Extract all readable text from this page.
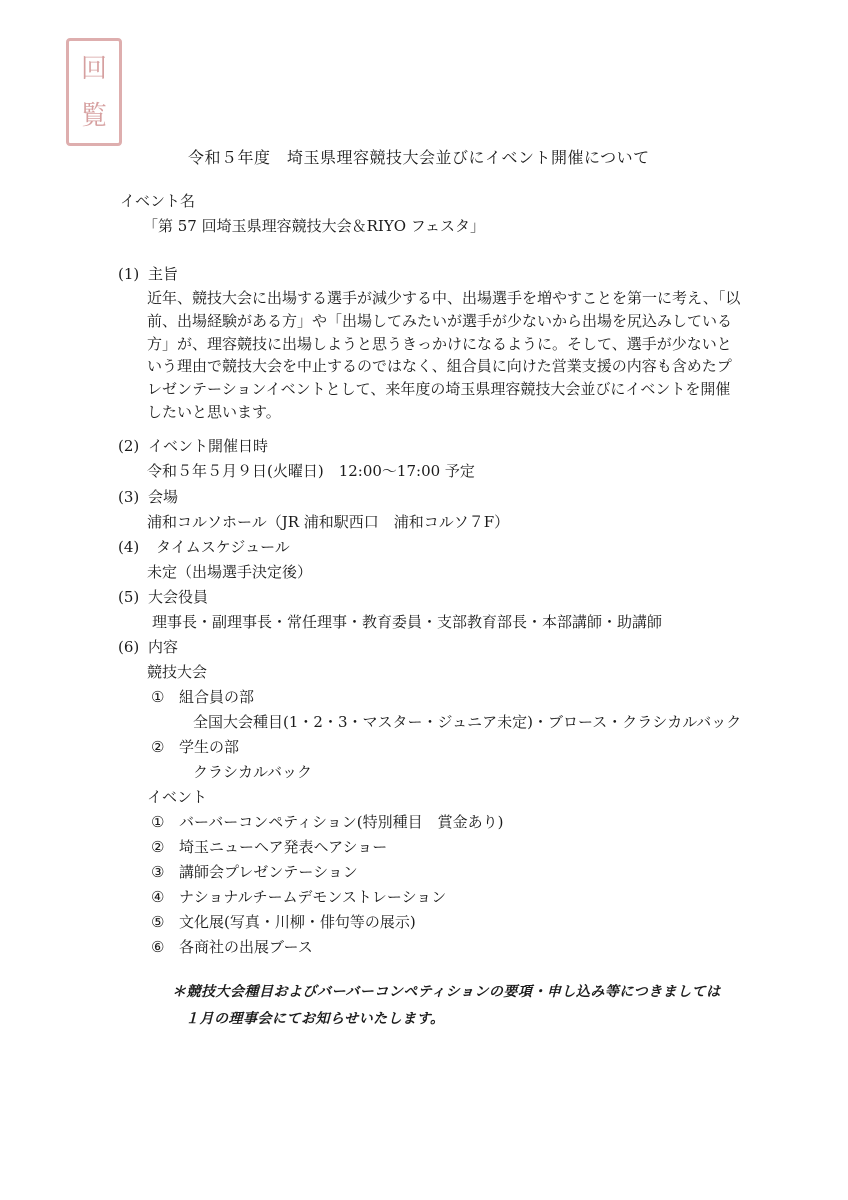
回
覧
令和５年度　埼玉県理容競技大会並びにイベント開催について
イベント名
「第 57 回埼玉県理容競技大会＆RIYO フェスタ」
(1) 主旨

近年、競技大会に出場する選手が減少する中、出場選手を増やすことを第一に考え、「以

前、出場経験がある方」や「出場してみたいが選手が少ないから出場を尻込みしている

方」が、理容競技に出場しようと思うきっかけになるように。そして、選手が少ないと

いう理由で競技大会を中止するのではなく、組合員に向けた営業支援の内容も含めたプ

レゼンテーションイベントとして、来年度の埼玉県理容競技大会並びにイベントを開催

したいと思います。

(2) イベント開催日時
令和５年５月９日(火曜日)　12:00～17:00 予定
(3) 会場
浦和コルソホール（JR 浦和駅西口　浦和コルソ７F）
(4) タイムスケジュール
未定（出場選手決定後）
(5) 大会役員
理事長・副理事長・常任理事・教育委員・支部教育部長・本部講師・助講師
(6) 内容
競技大会
① 組合員の部
全国大会種目(1・2・3・マスター・ジュニア未定)・ブロース・クラシカルバック
② 学生の部
クラシカルバック
イベント
① バーバーコンペティション(特別種目　賞金あり)
② 埼玉ニューヘア発表ヘアショー
③ 講師会プレゼンテーション
④ ナショナルチームデモンストレーション
⑤ 文化展(写真・川柳・俳句等の展示)
⑥ 各商社の出展ブース
＊競技大会種目およびバーバーコンペティションの要項・申し込み等につきましては
１月の理事会にてお知らせいたします。
